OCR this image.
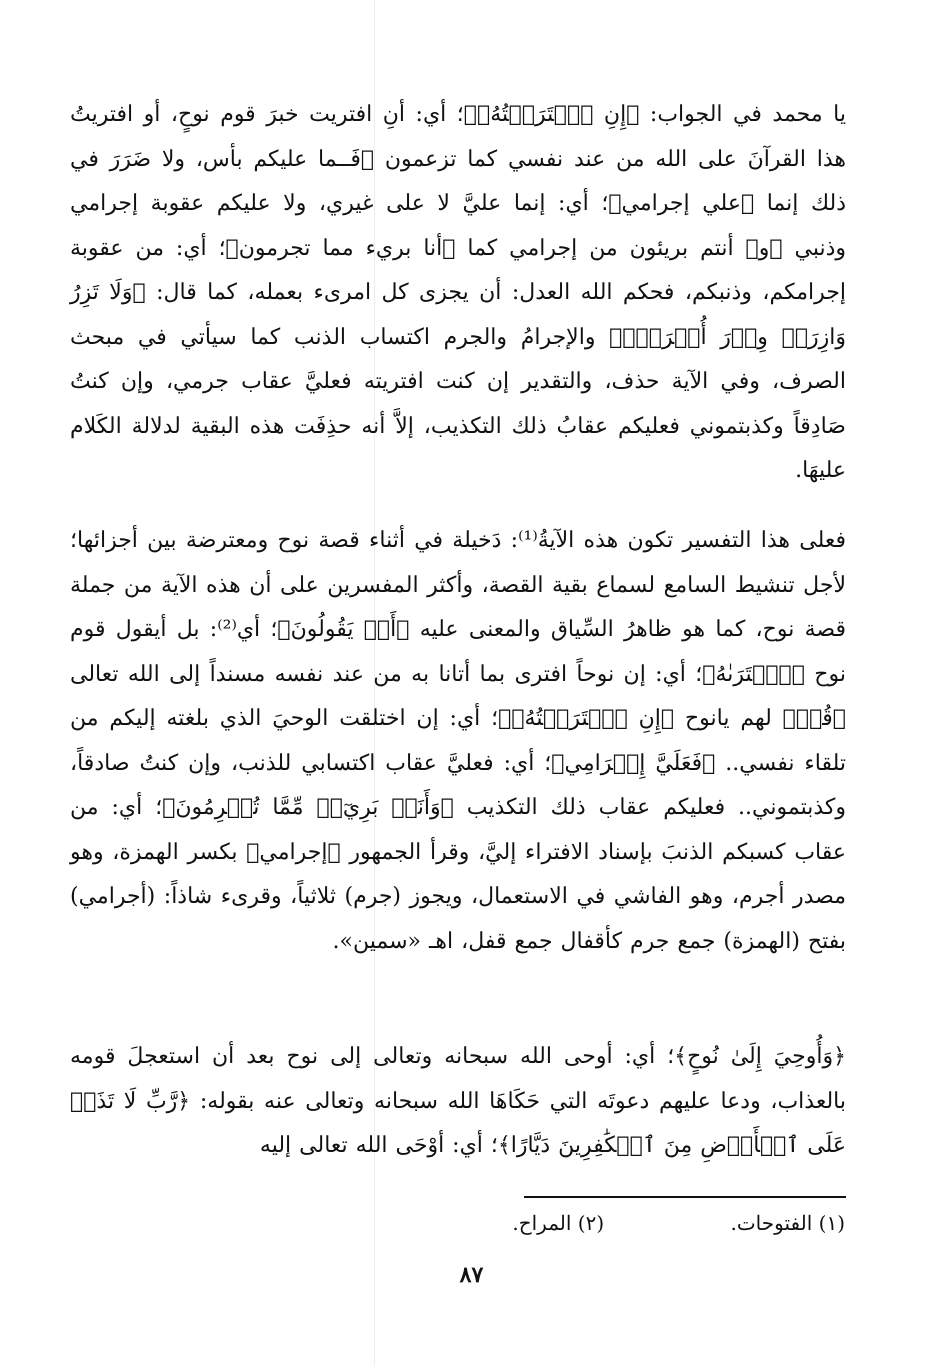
يا محمد في الجواب: ﴿إِنِ ٱفۡتَرَيۡتُهُۥ﴾؛ أي: أنِ افتريت خبرَ قوم نوحٍ، أو افتريتُ هذا القرآنَ على الله من عند نفسي كما تزعمون ﴿فَـ‍ـما عليكم بأس، ولا ضَرَرَ في ذلك إنما ﴿علي إجرامي﴾؛ أي: إنما عليَّ لا على غيري، ولا عليكم عقوبة إجرامي وذنبي ﴿و﴾ أنتم بريئون من إجرامي كما ﴿أنا بريء مما تجرمون﴾؛ أي: من عقوبة إجرامكم، وذنبكم، فحكم الله العدل: أن يجزى كل امرىء بعمله، كما قال: ﴿وَلَا تَزِرُ وَازِرَةٞ وِزۡرَ أُخۡرَىٰۚ﴾ والإجرامُ والجرم اكتساب الذنب كما سيأتي في مبحث الصرف، وفي الآية حذف، والتقدير إن كنت افتريته فعليَّ عقاب جرمي، وإن كنتُ صَادِقاً وكذبتموني فعليكم عقابُ ذلك التكذيب، إلاَّ أنه حذِفَت هذه البقية لدلالة الكَلام عليهَا.

فعلى هذا التفسير تكون هذه الآيةُ⁽¹⁾: دَخيلة في أثناء قصة نوح ومعترضة بين أجزائها؛ لأجل تنشيط السامع لسماع بقية القصة، وأكثر المفسرين على أن هذه الآية من جملة قصة نوح، كما هو ظاهرُ السِّياق والمعنى عليه ﴿أَمۡ يَقُولُونَ﴾؛ أي⁽²⁾: بل أيقول قوم نوح ﴿ٱفۡتَرَىٰهُ﴾؛ أي: إن نوحاً افترى بما أتانا به من عند نفسه مسنداً إلى الله تعالى ﴿قُلۡ﴾ لهم يانوح ﴿إِنِ ٱفۡتَرَيۡتُهُۥ﴾؛ أي: إن اختلقت الوحيَ الذي بلغته إليكم من تلقاء نفسي.. ﴿فَعَلَيَّ إِجۡرَامِي﴾؛ أي: فعليَّ عقاب اكتسابي للذنب، وإن كنتُ صادقاً، وكذبتموني.. فعليكم عقاب ذلك التكذيب ﴿وَأَنَا۠ بَرِيٓءٞ مِّمَّا تُجۡرِمُونَ﴾؛ أي: من عقاب كسبكم الذنبَ بإسناد الافتراء إليَّ، وقرأ الجمهور ﴿إجرامي﴾ بكسر الهمزة، وهو مصدر أجرم، وهو الفاشي في الاستعمال، ويجوز (جرم) ثلاثياً، وقرىء شاذاً: (أجرامي) بفتح (الهمزة) جمع جرم كأقفال جمع قفل، اهـ «سمين».

﴿وَأُوحِيَ إِلَىٰ نُوحٍ﴾؛ أي: أوحى الله سبحانه وتعالى إلى نوح بعد أن استعجلَ قومه بالعذاب، ودعا عليهم دعوتَه التي حَكَاهَا الله سبحانه وتعالى عنه بقوله: ﴿رَّبِّ لَا تَذَرۡ عَلَى ٱلۡأَرۡضِ مِنَ ٱلۡكَٰفِرِينَ دَيَّارًا﴾؛ أي: أوْحَى الله تعالى إليه

(١) الفتوحات. (٢) المراح.
٨٧
